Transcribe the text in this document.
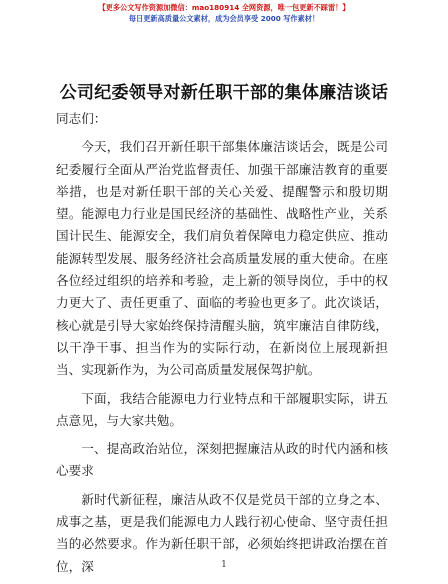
【更多公文写作资源加微信：mao180914 全网资源，唯一包更新不踩雷！】
每日更新高质量公文素材，成为会员享受 2000 写作素材！
公司纪委领导对新任职干部的集体廉洁谈话

同志们：

今天，我们召开新任职干部集体廉洁谈话会，既是公司纪委履行全面从严治党监督责任、加强干部廉洁教育的重要举措，也是对新任职干部的关心关爱、提醒警示和殷切期望。能源电力行业是国民经济的基础性、战略性产业，关系国计民生、能源安全，我们肩负着保障电力稳定供应、推动能源转型发展、服务经济社会高质量发展的重大使命。在座各位经过组织的培养和考验，走上新的领导岗位，手中的权力更大了、责任更重了、面临的考验也更多了。此次谈话，核心就是引导大家始终保持清醒头脑，筑牢廉洁自律防线，以干净干事、担当作为的实际行动，在新岗位上展现新担当、实现新作为，为公司高质量发展保驾护航。

下面，我结合能源电力行业特点和干部履职实际，讲五点意见，与大家共勉。

一、提高政治站位，深刻把握廉洁从政的时代内涵和核心要求

新时代新征程，廉洁从政不仅是党员干部的立身之本、成事之基，更是我们能源电力人践行初心使命、坚守责任担当的必然要求。作为新任职干部，必须始终把讲政治摆在首位，深	1
